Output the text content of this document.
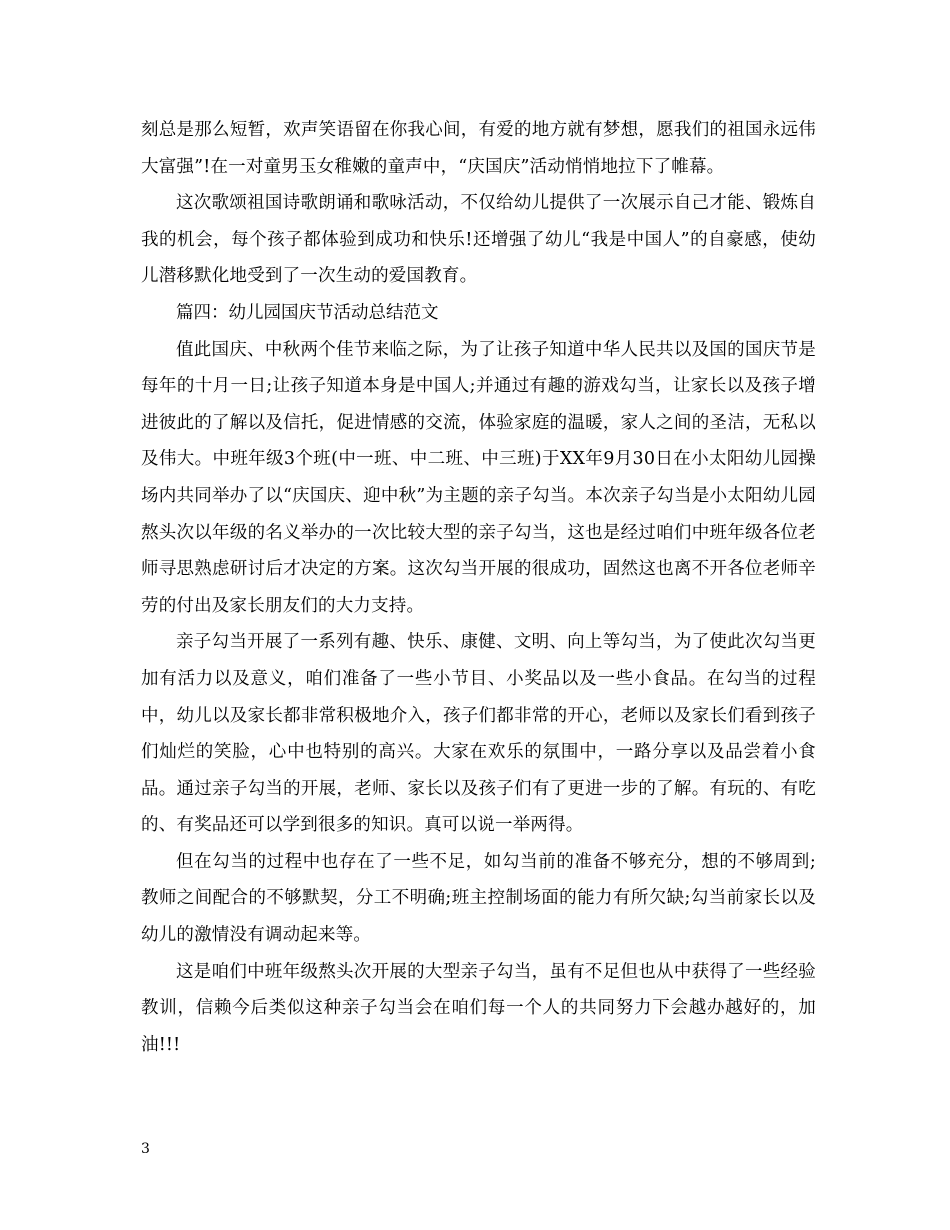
刻总是那么短暂，欢声笑语留在你我心间，有爱的地方就有梦想，愿我们的祖国永远伟大富强”!在一对童男玉女稚嫩的童声中，“庆国庆”活动悄悄地拉下了帷幕。

这次歌颂祖国诗歌朗诵和歌咏活动，不仅给幼儿提供了一次展示自己才能、锻炼自我的机会，每个孩子都体验到成功和快乐!还增强了幼儿“我是中国人”的自豪感，使幼儿潜移默化地受到了一次生动的爱国教育。

篇四：幼儿园国庆节活动总结范文

值此国庆、中秋两个佳节来临之际，为了让孩子知道中华人民共以及国的国庆节是每年的十月一日;让孩子知道本身是中国人;并通过有趣的游戏勾当，让家长以及孩子增进彼此的了解以及信托，促进情感的交流，体验家庭的温暖，家人之间的圣洁，无私以及伟大。中班年级3个班(中一班、中二班、中三班)于XX年9月30日在小太阳幼儿园操场内共同举办了以“庆国庆、迎中秋”为主题的亲子勾当。本次亲子勾当是小太阳幼儿园熬头次以年级的名义举办的一次比较大型的亲子勾当，这也是经过咱们中班年级各位老师寻思熟虑研讨后才决定的方案。这次勾当开展的很成功，固然这也离不开各位老师辛劳的付出及家长朋友们的大力支持。

亲子勾当开展了一系列有趣、快乐、康健、文明、向上等勾当，为了使此次勾当更加有活力以及意义，咱们准备了一些小节目、小奖品以及一些小食品。在勾当的过程中，幼儿以及家长都非常积极地介入，孩子们都非常的开心，老师以及家长们看到孩子们灿烂的笑脸，心中也特别的高兴。大家在欢乐的氛围中，一路分享以及品尝着小食品。通过亲子勾当的开展，老师、家长以及孩子们有了更进一步的了解。有玩的、有吃的、有奖品还可以学到很多的知识。真可以说一举两得。

但在勾当的过程中也存在了一些不足，如勾当前的准备不够充分，想的不够周到;教师之间配合的不够默契，分工不明确;班主控制场面的能力有所欠缺;勾当前家长以及幼儿的激情没有调动起来等。

这是咱们中班年级熬头次开展的大型亲子勾当，虽有不足但也从中获得了一些经验教训，信赖今后类似这种亲子勾当会在咱们每一个人的共同努力下会越办越好的，加油!!!

3
